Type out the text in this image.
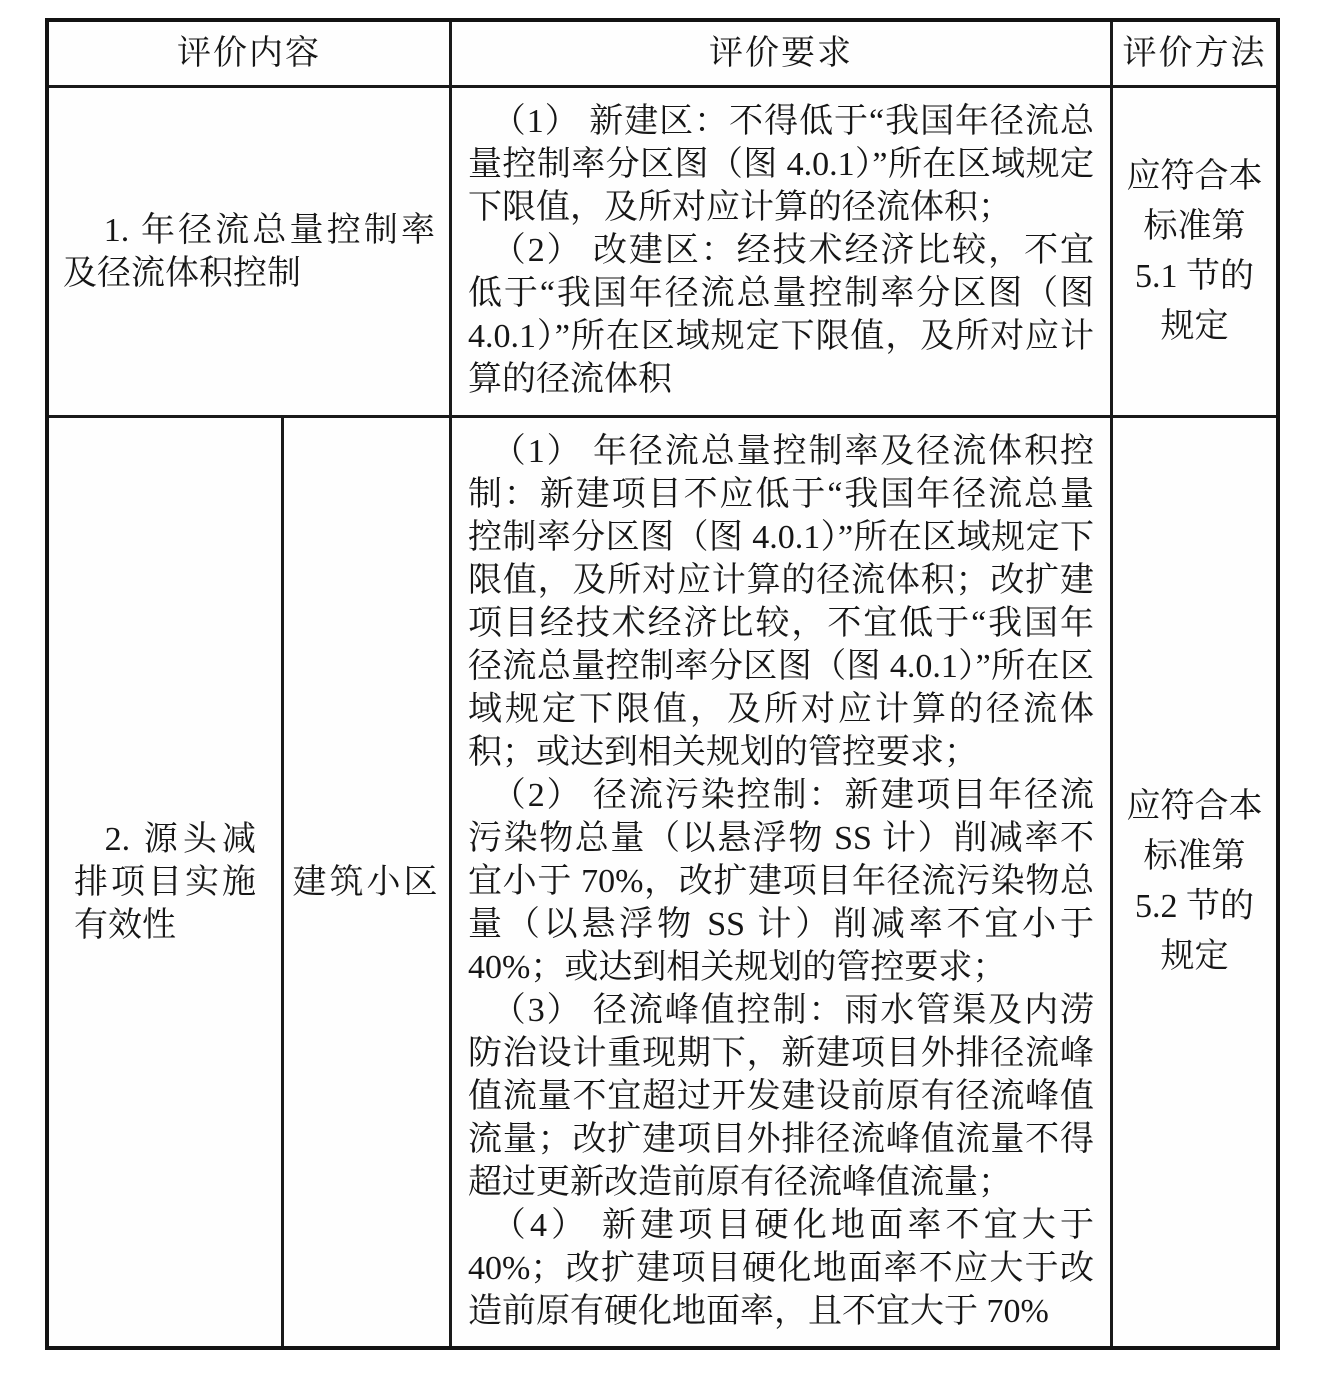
评价内容	评价要求	评价方法

1. 年径流总量控制率及径流体积控制

（1） 新建区：不得低于“我国年径流总量控制率分区图（图 4.0.1）”所在区域规定下限值，及所对应计算的径流体积；

（2） 改建区：经技术经济比较，不宜低于“我国年径流总量控制率分区图（图 4.0.1）”所在区域规定下限值，及所对应计算的径流体积

应符合本
标准第
5.1 节的
规定

2. 源头减排项目实施有效性

建筑小区

（1） 年径流总量控制率及径流体积控制：新建项目不应低于“我国年径流总量控制率分区图（图 4.0.1）”所在区域规定下限值，及所对应计算的径流体积；改扩建项目经技术经济比较，不宜低于“我国年径流总量控制率分区图（图 4.0.1）”所在区域规定下限值，及所对应计算的径流体积；或达到相关规划的管控要求；

（2） 径流污染控制：新建项目年径流污染物总量（以悬浮物 SS 计）削减率不宜小于 70%，改扩建项目年径流污染物总量（以悬浮物 SS 计）削减率不宜小于 40%；或达到相关规划的管控要求；

（3） 径流峰值控制：雨水管渠及内涝防治设计重现期下，新建项目外排径流峰值流量不宜超过开发建设前原有径流峰值流量；改扩建项目外排径流峰值流量不得超过更新改造前原有径流峰值流量；

（4） 新建项目硬化地面率不宜大于 40%；改扩建项目硬化地面率不应大于改造前原有硬化地面率，且不宜大于 70%

应符合本
标准第
5.2 节的
规定
